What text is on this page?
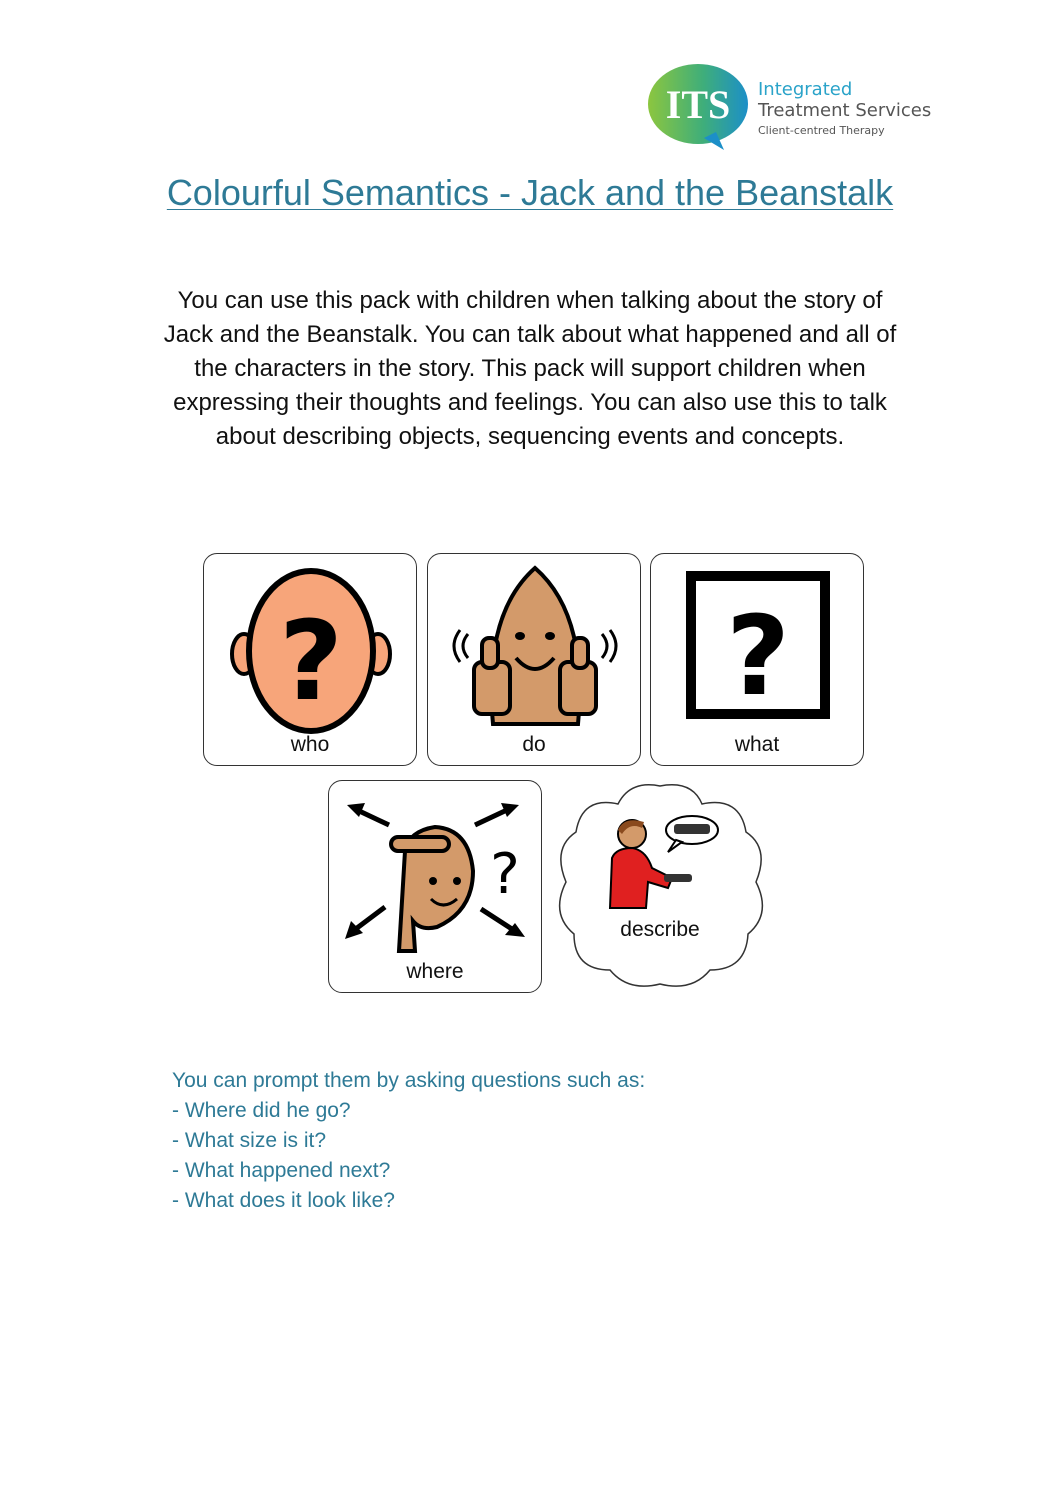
ITS Integrated
Treatment Services
Client-centred Therapy
Colourful Semantics - Jack and the Beanstalk

You can use this pack with children when talking about the story of Jack and the Beanstalk. You can talk about what happened and all of the characters in the story. This pack will support children when expressing their thoughts and feelings. You can also use this to talk about describing objects, sequencing events and concepts.

?
who	do
?
what
?
where
describe

You can prompt them by asking questions such as:

- Where did he go?
- What size is it?
- What happened next?
- What does it look like?
